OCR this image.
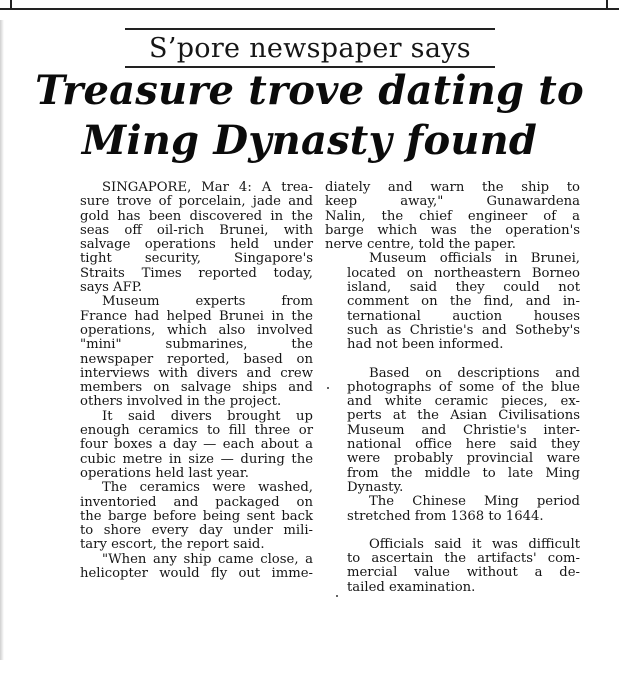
S’pore newspaper says
Treasure trove dating to
Ming Dynasty found
SINGAPORE, Mar 4: A trea-
sure trove of porcelain, jade and
gold has been discovered in the
seas off oil-rich Brunei, with
salvage operations held under
tight security, Singapore's
Straits Times reported today,
says AFP.
Museum experts from
France had helped Brunei in the
operations, which also involved
"mini" submarines, the
newspaper reported, based on
interviews with divers and crew
members on salvage ships and
others involved in the project.
It said divers brought up
enough ceramics to fill three or
four boxes a day — each about a
cubic metre in size — during the
operations held last year.
The ceramics were washed,
inventoried and packaged on
the barge before being sent back
to shore every day under mili-
tary escort, the report said.
"When any ship came close, a
helicopter would fly out imme-
diately and warn the ship to
keep away," Gunawardena
Nalin, the chief engineer of a
barge which was the operation's
nerve centre, told the paper.
Museum officials in Brunei,
located on northeastern Borneo
island, said they could not
comment on the find, and in-
ternational auction houses
such as Christie's and Sotheby's
had not been informed.
Based on descriptions and
photographs of some of the blue
and white ceramic pieces, ex-
perts at the Asian Civilisations
Museum and Christie's inter-
national office here said they
were probably provincial ware
from the middle to late Ming
Dynasty.
The Chinese Ming period
stretched from 1368 to 1644.
Officials said it was difficult
to ascertain the artifacts' com-
mercial value without a de-
tailed examination.
